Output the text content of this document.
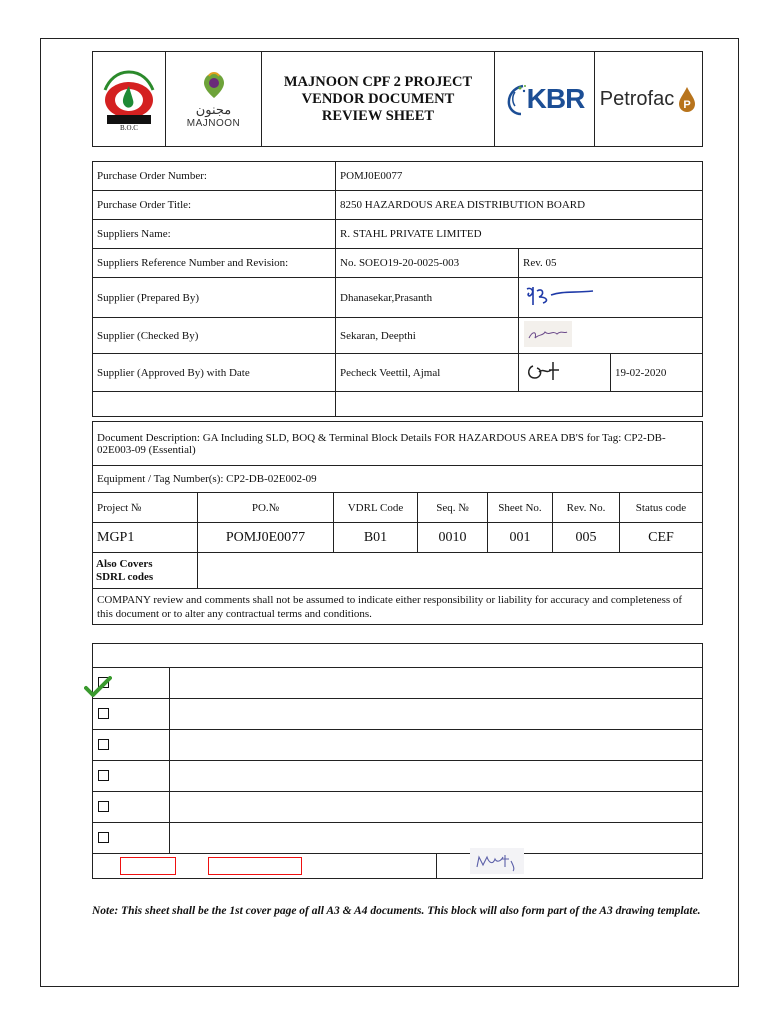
B.O.C
مجنون
MAJNOON
MAJNOON CPF 2 PROJECT
VENDOR DOCUMENT
REVIEW SHEET
KBR Petrofac P
Purchase Order Number:	POMJ0E0077		
Purchase Order Title:	8250 HAZARDOUS AREA DISTRIBUTION BOARD		
Suppliers Name:	R. STAHL PRIVATE LIMITED		
Suppliers Reference Number and Revision:	No. SOEO19-20-0025-003	Rev. 05	
Supplier (Prepared By)	Dhanasekar,Prasanth	
Supplier (Checked By)	Sekaran, Deepthi	
Supplier (Approved By) with Date	Pecheck Veettil, Ajmal		19-02-2020

Document Description: GA Including SLD, BOQ & Terminal Block Details FOR HAZARDOUS AREA DB'S for Tag: CP2-DB-02E003-09 (Essential)
Equipment / Tag Number(s): CP2-DB-02E002-09
Project №	PO.№	VDRL Code	Seq. №	Sheet No.	Rev. No.	Status code
MGP1	POMJ0E0077	B01	0010	001	005	CEF

Also Covers
SDRL codes						

COMPANY review and comments shall not be assumed to indicate either responsibility or liability for accuracy and completeness of this document or to alter any contractual terms and conditions.						

Note: This sheet shall be the 1st cover page of all A3 & A4 documents. This block will also form part of the A3 drawing template.
